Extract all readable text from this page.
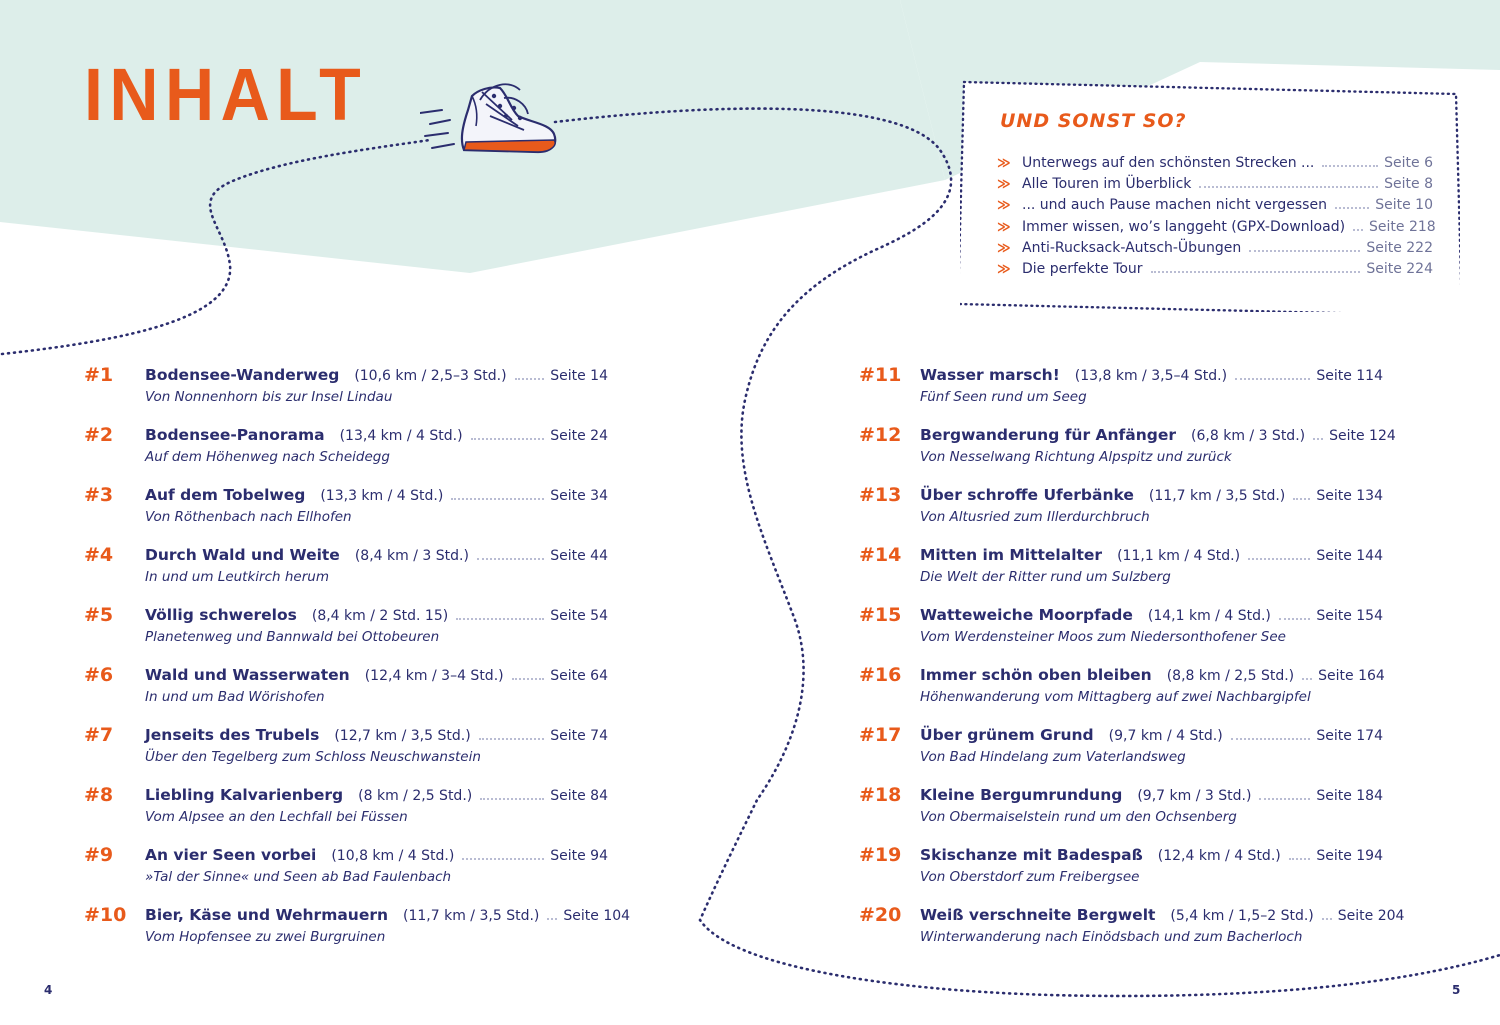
INHALT	UND SONST SO?
≫ Unterwegs auf den schönsten Strecken ...	Seite 6
≫ Alle Touren im Überblick	Seite 8
≫ ... und auch Pause machen nicht vergessen	Seite 10
≫ Immer wissen, wo’s langgeht (GPX-Download) Seite 218
≫ Anti-Rucksack-Autsch-Übungen	Seite 222
≫ Die perfekte Tour	Seite 224
#1 Bodensee-Wanderweg (10,6 km / 2,5–3 Std.)	Seite 14
Von Nonnenhorn bis zur Insel Lindau
#2 Bodensee-Panorama (13,4 km / 4 Std.)	Seite 24
Auf dem Höhenweg nach Scheidegg
#3 Auf dem Tobelweg (13,3 km / 4 Std.)	Seite 34
Von Röthenbach nach Ellhofen
#4 Durch Wald und Weite (8,4 km / 3 Std.)	Seite 44
In und um Leutkirch herum
#5 Völlig schwerelos (8,4 km / 2 Std. 15)	Seite 54
Planetenweg und Bannwald bei Ottobeuren
#6 Wald und Wasserwaten (12,4 km / 3–4 Std.)	Seite 64
In und um Bad Wörishofen
#7 Jenseits des Trubels (12,7 km / 3,5 Std.)	Seite 74
Über den Tegelberg zum Schloss Neuschwanstein
#8 Liebling Kalvarienberg (8 km / 2,5 Std.)	Seite 84
Vom Alpsee an den Lechfall bei Füssen
#9 An vier Seen vorbei (10,8 km / 4 Std.)	Seite 94
»Tal der Sinne« und Seen ab Bad Faulenbach
#10 Bier, Käse und Wehrmauern (11,7 km / 3,5 Std.) Seite 104
Vom Hopfensee zu zwei Burgruinen
#11 Wasser marsch! (13,8 km / 3,5–4 Std.)	Seite 114
Fünf Seen rund um Seeg
#12 Bergwanderung für Anfänger (6,8 km / 3 Std.) Seite 124
Von Nesselwang Richtung Alpspitz und zurück
#13 Über schroffe Uferbänke (11,7 km / 3,5 Std.) Seite 134
Von Altusried zum Illerdurchbruch
#14 Mitten im Mittelalter (11,1 km / 4 Std.)	Seite 144
Die Welt der Ritter rund um Sulzberg
#15 Watteweiche Moorpfade (14,1 km / 4 Std.)	Seite 154
Vom Werdensteiner Moos zum Niedersonthofener See
#16 Immer schön oben bleiben (8,8 km / 2,5 Std.) Seite 164
Höhenwanderung vom Mittagberg auf zwei Nachbargipfel
#17 Über grünem Grund (9,7 km / 4 Std.)	Seite 174
Von Bad Hindelang zum Vaterlandsweg
#18 Kleine Bergumrundung (9,7 km / 3 Std.)	Seite 184
Von Obermaiselstein rund um den Ochsenberg
#19 Skischanze mit Badespaß (12,4 km / 4 Std.)	Seite 194
Von Oberstdorf zum Freibergsee
#20 Weiß verschneite Bergwelt (5,4 km / 1,5–2 Std.) Seite 204
Winterwanderung nach Einödsbach und zum Bacherloch
4	5
